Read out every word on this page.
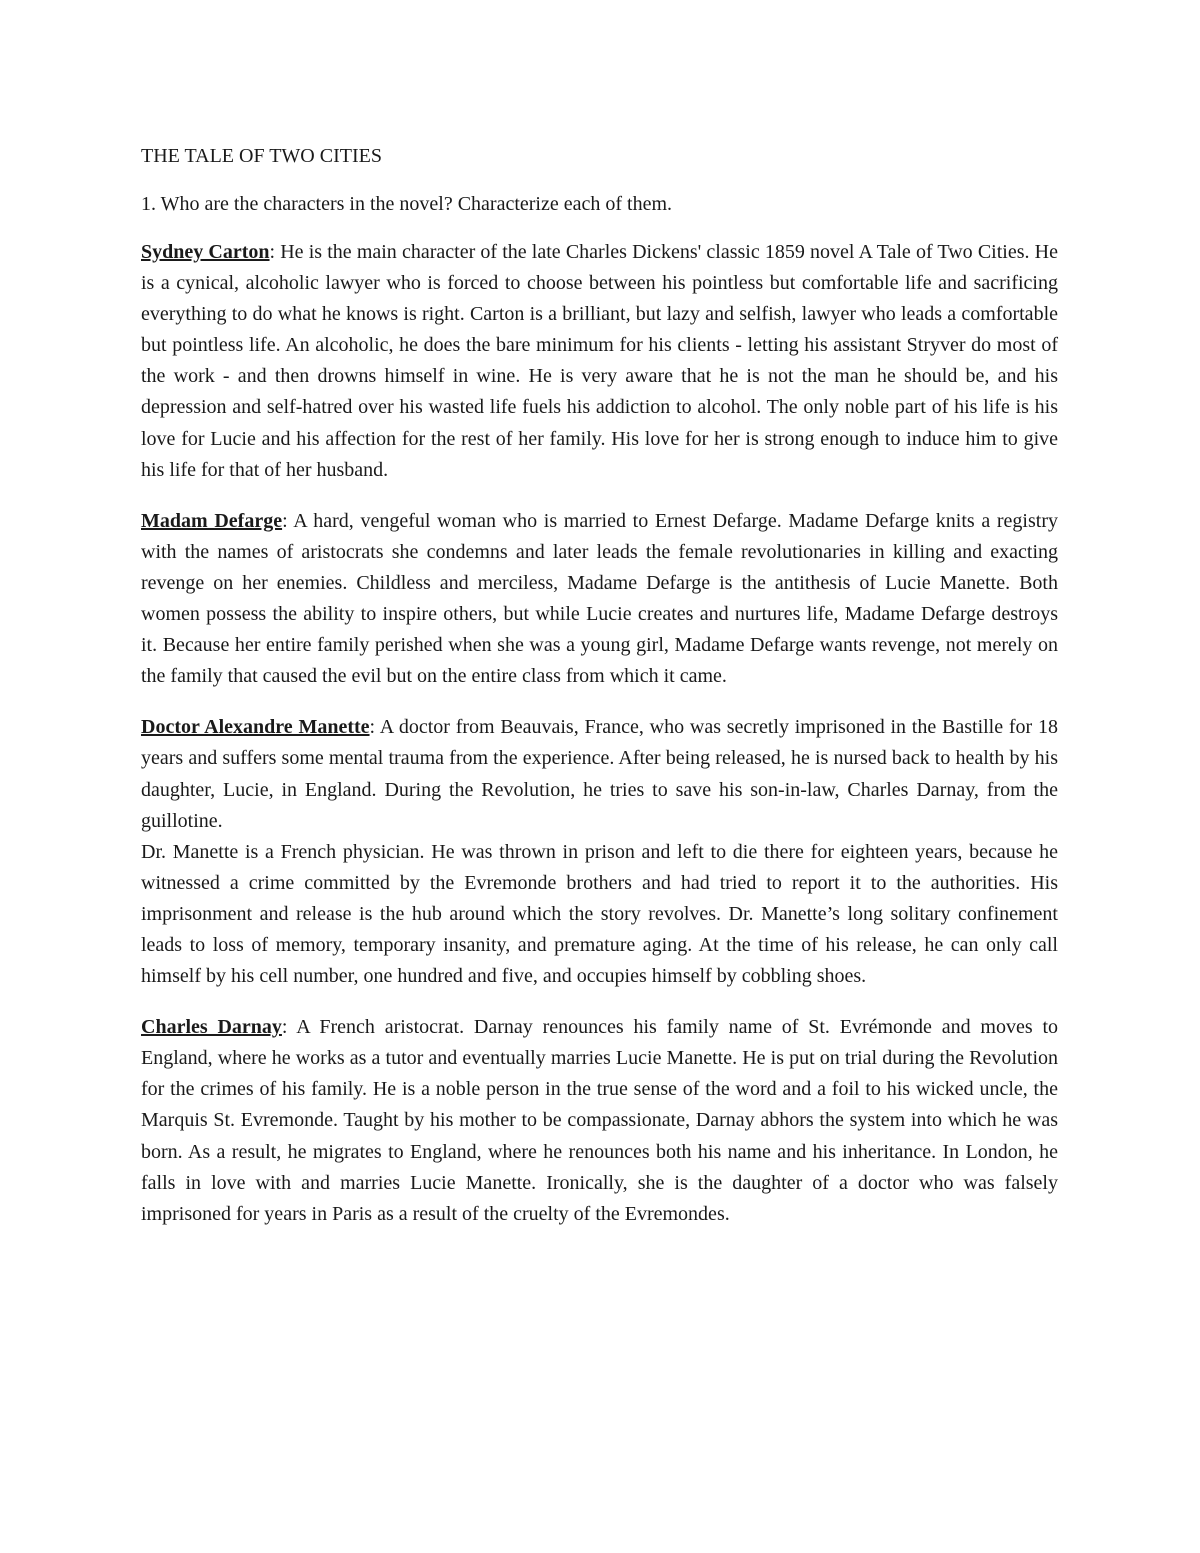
THE TALE OF TWO CITIES
1. Who are the characters in the novel? Characterize each of them.

Sydney Carton: He is the main character of the late Charles Dickens' classic 1859 novel A Tale of Two Cities. He is a cynical, alcoholic lawyer who is forced to choose between his pointless but comfortable life and sacrificing everything to do what he knows is right. Carton is a brilliant, but lazy and selfish, lawyer who leads a comfortable but pointless life. An alcoholic, he does the bare minimum for his clients - letting his assistant Stryver do most of the work - and then drowns himself in wine. He is very aware that he is not the man he should be, and his depression and self-hatred over his wasted life fuels his addiction to alcohol. The only noble part of his life is his love for Lucie and his affection for the rest of her family. His love for her is strong enough to induce him to give his life for that of her husband.

Madam Defarge: A hard, vengeful woman who is married to Ernest Defarge. Madame Defarge knits a registry with the names of aristocrats she condemns and later leads the female revolutionaries in killing and exacting revenge on her enemies. Childless and merciless, Madame Defarge is the antithesis of Lucie Manette. Both women possess the ability to inspire others, but while Lucie creates and nurtures life, Madame Defarge destroys it. Because her entire family perished when she was a young girl, Madame Defarge wants revenge, not merely on the family that caused the evil but on the entire class from which it came.

Doctor Alexandre Manette: A doctor from Beauvais, France, who was secretly imprisoned in the Bastille for 18 years and suffers some mental trauma from the experience. After being released, he is nursed back to health by his daughter, Lucie, in England. During the Revolution, he tries to save his son-in-law, Charles Darnay, from the guillotine.

Dr. Manette is a French physician. He was thrown in prison and left to die there for eighteen years, because he witnessed a crime committed by the Evremonde brothers and had tried to report it to the authorities. His imprisonment and release is the hub around which the story revolves. Dr. Manette’s long solitary confinement leads to loss of memory, temporary insanity, and premature aging. At the time of his release, he can only call himself by his cell number, one hundred and five, and occupies himself by cobbling shoes.

Charles Darnay: A French aristocrat. Darnay renounces his family name of St. Evrémonde and moves to England, where he works as a tutor and eventually marries Lucie Manette. He is put on trial during the Revolution for the crimes of his family. He is a noble person in the true sense of the word and a foil to his wicked uncle, the Marquis St. Evremonde. Taught by his mother to be compassionate, Darnay abhors the system into which he was born. As a result, he migrates to England, where he renounces both his name and his inheritance. In London, he falls in love with and marries Lucie Manette. Ironically, she is the daughter of a doctor who was falsely imprisoned for years in Paris as a result of the cruelty of the Evremondes.
